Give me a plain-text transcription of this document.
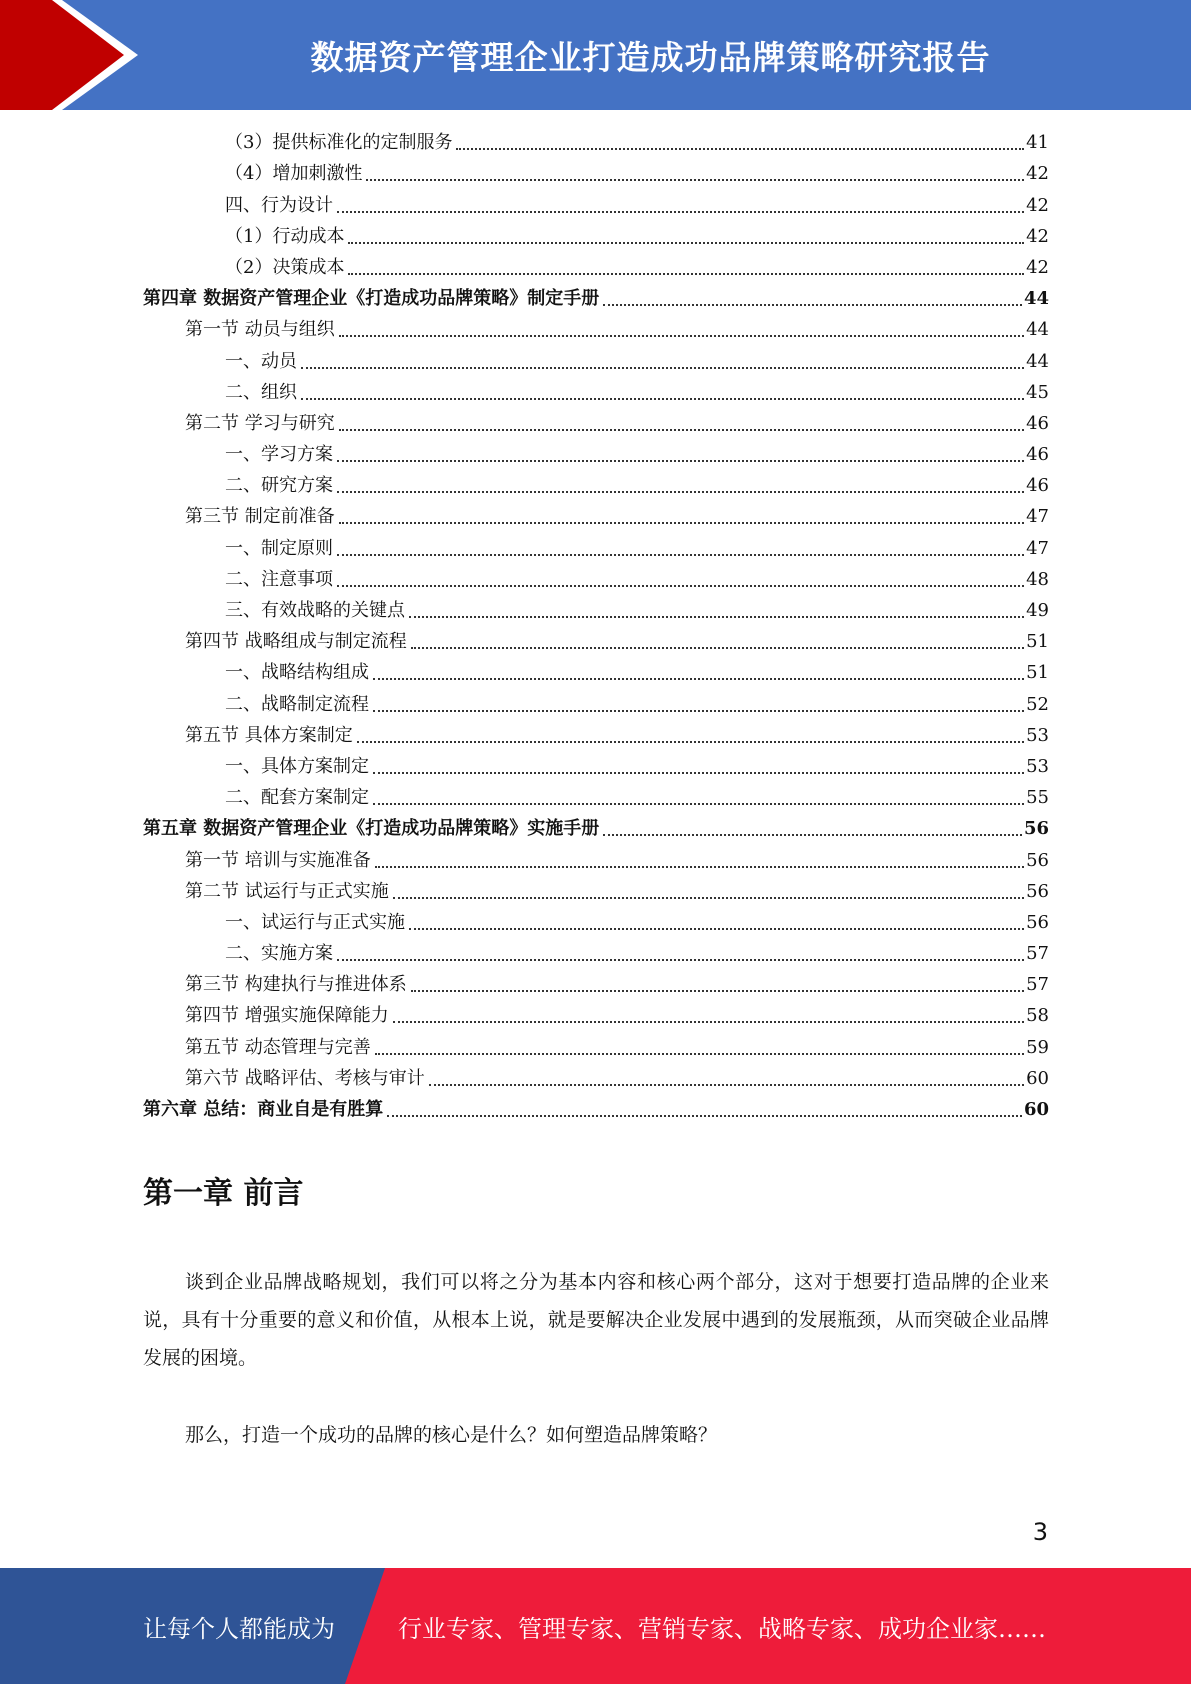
数据资产管理企业打造成功品牌策略研究报告
（3）提供标准化的定制服务	41
（4）增加刺激性	42
四、行为设计	42
（1）行动成本	42
（2）决策成本	42
第四章 数据资产管理企业《打造成功品牌策略》制定手册	44
第一节 动员与组织	44
一、动员	44
二、组织	45
第二节 学习与研究	46
一、学习方案	46
二、研究方案	46
第三节 制定前准备	47
一、制定原则	47
二、注意事项	48
三、有效战略的关键点	49
第四节 战略组成与制定流程	51
一、战略结构组成	51
二、战略制定流程	52
第五节 具体方案制定	53
一、具体方案制定	53
二、配套方案制定	55
第五章 数据资产管理企业《打造成功品牌策略》实施手册	56
第一节 培训与实施准备	56
第二节 试运行与正式实施	56
一、试运行与正式实施	56
二、实施方案	57
第三节 构建执行与推进体系	57
第四节 增强实施保障能力	58
第五节 动态管理与完善	59
第六节 战略评估、考核与审计	60
第六章 总结：商业自是有胜算	60
第一章 前言
谈到企业品牌战略规划，我们可以将之分为基本内容和核心两个部分，这对于想要打造品牌的企业来说，具有十分重要的意义和价值，从根本上说，就是要解决企业发展中遇到的发展瓶颈，从而突破企业品牌发展的困境。
那么，打造一个成功的品牌的核心是什么？如何塑造品牌策略？
3
让每个人都能成为	行业专家、管理专家、营销专家、战略专家、成功企业家……
